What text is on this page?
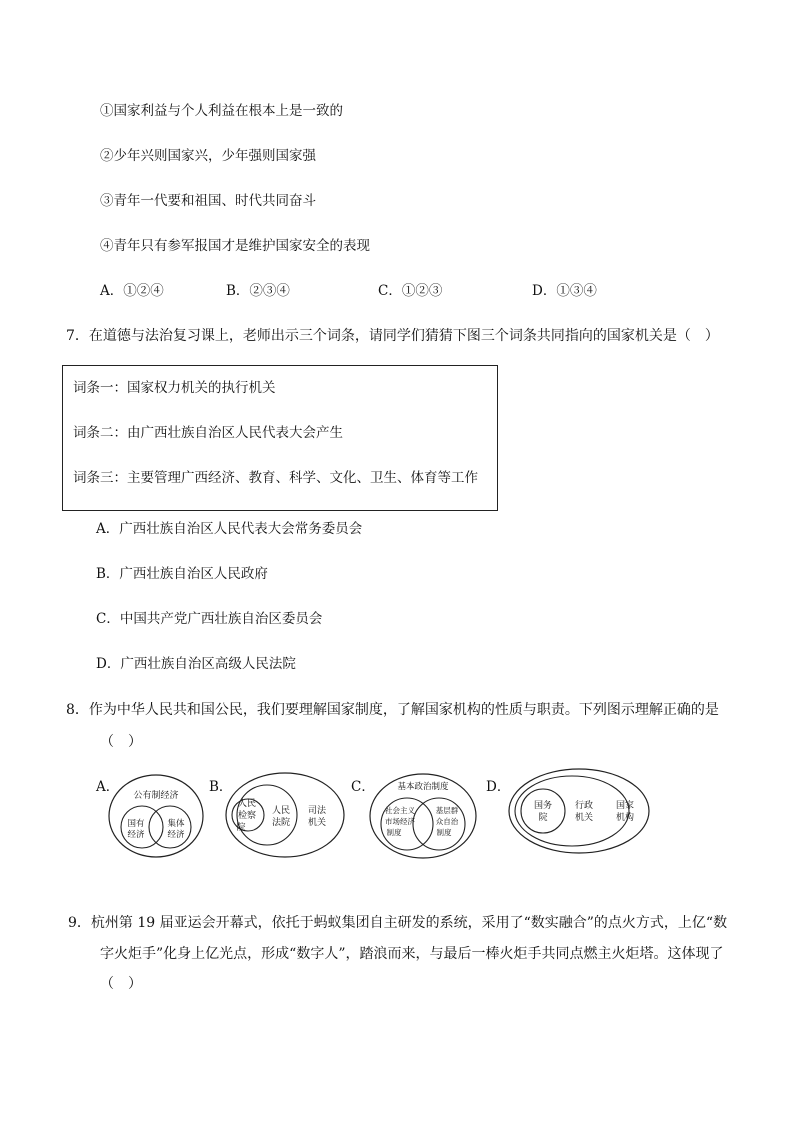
①国家利益与个人利益在根本上是一致的
②少年兴则国家兴，少年强则国家强
③青年一代要和祖国、时代共同奋斗
④青年只有参军报国才是维护国家安全的表现
A．①②④	B．②③④	C．①②③	D．①③④
7．在道德与法治复习课上，老师出示三个词条，请同学们猜猜下图三个词条共同指向的国家机关是（　）
词条一：国家权力机关的执行机关
词条二：由广西壮族自治区人民代表大会产生
词条三：主要管理广西经济、教育、科学、文化、卫生、体育等工作
A．广西壮族自治区人民代表大会常务委员会
B．广西壮族自治区人民政府
C．中国共产党广西壮族自治区委员会
D．广西壮族自治区高级人民法院
8．作为中华人民共和国公民，我们要理解国家制度，了解国家机构的性质与职责。下列图示理解正确的是
（　）
A．
公有制经济
国有
经济
集体
经济
B．
人民
检察
院
人民
法院
司法
机关
C．	基本政治制度
社会主义
市场经济
制度
基层群
众自治
制度
D．
国务
院
行政
机关
国家
机构
9．杭州第 19 届亚运会开幕式，依托于蚂蚁集团自主研发的系统，采用了“数实融合”的点火方式，上亿“数
字火炬手”化身上亿光点，形成“数字人”，踏浪而来，与最后一棒火炬手共同点燃主火炬塔。这体现了
（　）
